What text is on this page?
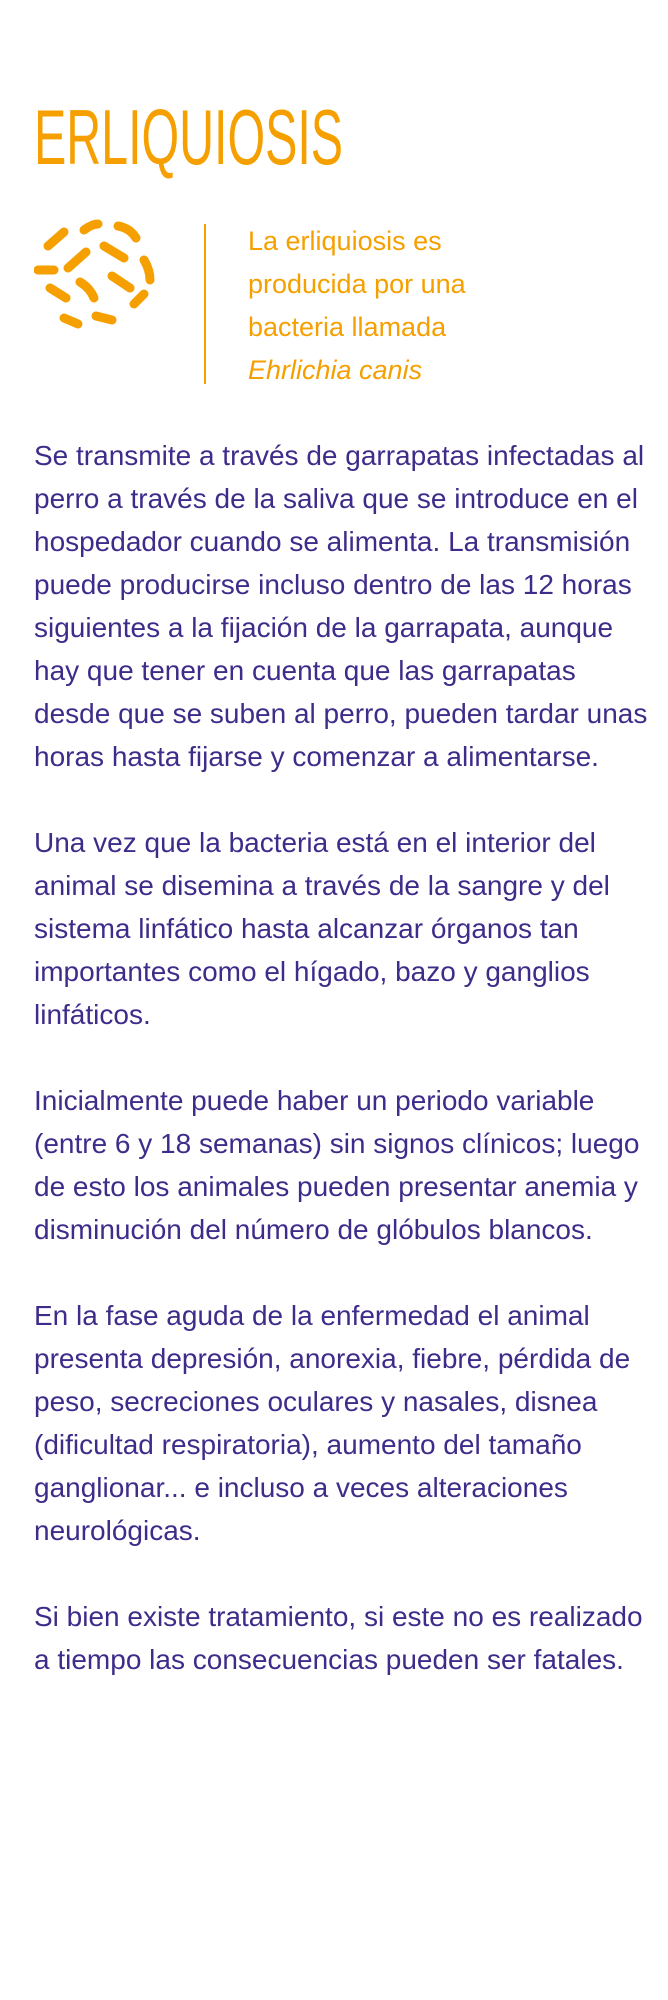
ERLIQUIOSIS

La erliquiosis es

producida por una

bacteria llamada

Ehrlichia canis

Se transmite a través de garrapatas infectadas al perro a través de la saliva que se introduce en el hospedador cuando se alimenta. La transmisión puede producirse incluso dentro de las 12 horas siguientes a la fijación de la garrapata, aunque hay que tener en cuenta que las garrapatas desde que se suben al perro, pueden tardar unas horas hasta fijarse y comenzar a alimentarse.

Una vez que la bacteria está en el interior del animal se disemina a través de la sangre y del sistema linfático hasta alcanzar órganos tan importantes como el hígado, bazo y ganglios linfáticos.

Inicialmente puede haber un periodo variable (entre 6 y 18 semanas) sin signos clínicos; luego de esto los animales pueden presentar anemia y disminución del número de glóbulos blancos.

En la fase aguda de la enfermedad el animal presenta depresión, anorexia, fiebre, pérdida de peso, secreciones oculares y nasales, disnea (dificultad respiratoria), aumento del tamaño ganglionar... e incluso a veces alteraciones neurológicas.

Si bien existe tratamiento, si este no es realizado a tiempo las consecuencias pueden ser fatales.
